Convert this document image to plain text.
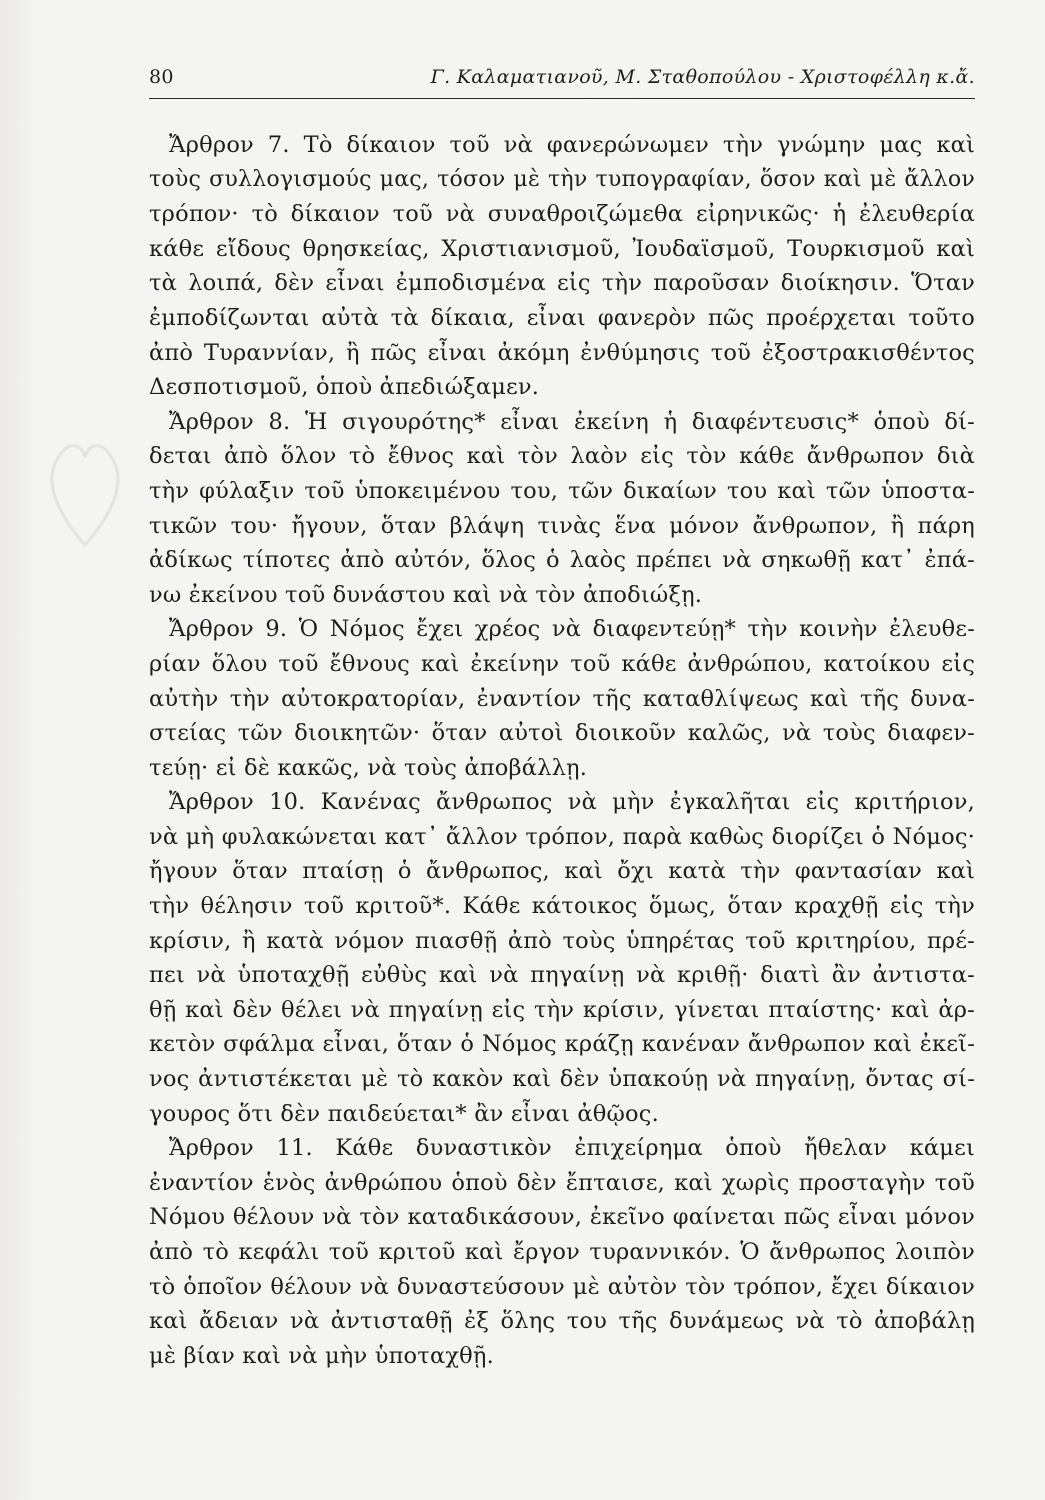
80	Γ. Καλαματιανοῦ, Μ. Σταθοπούλου - Χριστοφέλλη κ.ἄ.
Ἄρθρον 7. Τὸ δίκαιον τοῦ νὰ φανερώνωμεν τὴν γνώμην μας καὶ
τοὺς συλλογισμούς μας, τόσον μὲ τὴν τυπογραφίαν, ὅσον καὶ μὲ ἄλλον
τρόπον· τὸ δίκαιον τοῦ νὰ συναθροιζώμεθα εἰρηνικῶς· ἡ ἐλευθερία
κάθε εἴδους θρησκείας, Χριστιανισμοῦ, Ἰουδαϊσμοῦ, Τουρκισμοῦ καὶ
τὰ λοιπά, δὲν εἶναι ἐμποδισμένα εἰς τὴν παροῦσαν διοίκησιν. Ὅταν
ἐμποδίζωνται αὐτὰ τὰ δίκαια, εἶναι φανερὸν πῶς προέρχεται τοῦτο
ἀπὸ Τυραννίαν, ἢ πῶς εἶναι ἀκόμη ἐνθύμησις τοῦ ἐξοστρακισθέντος
Δεσποτισμοῦ, ὁποὺ ἀπεδιώξαμεν.
Ἄρθρον 8. Ἡ σιγουρότης* εἶναι ἐκείνη ἡ διαφέντευσις* ὁποὺ δί-
δεται ἀπὸ ὅλον τὸ ἔθνος καὶ τὸν λαὸν εἰς τὸν κάθε ἄνθρωπον διὰ
τὴν φύλαξιν τοῦ ὑποκειμένου του, τῶν δικαίων του καὶ τῶν ὑποστα-
τικῶν του· ἤγουν, ὅταν βλάψη τινὰς ἕνα μόνον ἄνθρωπον, ἢ πάρη
ἀδίκως τίποτες ἀπὸ αὐτόν, ὅλος ὁ λαὸς πρέπει νὰ σηκωθῇ κατ᾽ ἐπά-
νω ἐκείνου τοῦ δυνάστου καὶ νὰ τὸν ἀποδιώξῃ.
Ἄρθρον 9. Ὁ Νόμος ἔχει χρέος νὰ διαφεντεύῃ* τὴν κοινὴν ἐλευθε-
ρίαν ὅλου τοῦ ἔθνους καὶ ἐκείνην τοῦ κάθε ἀνθρώπου, κατοίκου εἰς
αὐτὴν τὴν αὐτοκρατορίαν, ἐναντίον τῆς καταθλίψεως καὶ τῆς δυνα-
στείας τῶν διοικητῶν· ὅταν αὐτοὶ διοικοῦν καλῶς, νὰ τοὺς διαφεν-
τεύῃ· εἰ δὲ κακῶς, νὰ τοὺς ἀποβάλλῃ.
Ἄρθρον 10. Κανένας ἄνθρωπος νὰ μὴν ἐγκαλῆται εἰς κριτήριον,
νὰ μὴ φυλακώνεται κατ᾽ ἄλλον τρόπον, παρὰ καθὼς διορίζει ὁ Νόμος·
ἤγουν ὅταν πταίσῃ ὁ ἄνθρωπος, καὶ ὄχι κατὰ τὴν φαντασίαν καὶ
τὴν θέλησιν τοῦ κριτοῦ*. Κάθε κάτοικος ὅμως, ὅταν κραχθῇ εἰς τὴν
κρίσιν, ἢ κατὰ νόμον πιασθῇ ἀπὸ τοὺς ὑπηρέτας τοῦ κριτηρίου, πρέ-
πει νὰ ὑποταχθῇ εὐθὺς καὶ νὰ πηγαίνῃ νὰ κριθῇ· διατὶ ἂν ἀντιστα-
θῇ καὶ δὲν θέλει νὰ πηγαίνῃ εἰς τὴν κρίσιν, γίνεται πταίστης· καὶ ἀρ-
κετὸν σφάλμα εἶναι, ὅταν ὁ Νόμος κράζῃ κανέναν ἄνθρωπον καὶ ἐκεῖ-
νος ἀντιστέκεται μὲ τὸ κακὸν καὶ δὲν ὑπακούῃ νὰ πηγαίνῃ, ὄντας σί-
γουρος ὅτι δὲν παιδεύεται* ἂν εἶναι ἀθῷος.
Ἄρθρον 11. Κάθε δυναστικὸν ἐπιχείρημα ὁποὺ ἤθελαν κάμει
ἐναντίον ἑνὸς ἀνθρώπου ὁποὺ δὲν ἔπταισε, καὶ χωρὶς προσταγὴν τοῦ
Νόμου θέλουν νὰ τὸν καταδικάσουν, ἐκεῖνο φαίνεται πῶς εἶναι μόνον
ἀπὸ τὸ κεφάλι τοῦ κριτοῦ καὶ ἔργον τυραννικόν. Ὁ ἄνθρωπος λοιπὸν
τὸ ὁποῖον θέλουν νὰ δυναστεύσουν μὲ αὐτὸν τὸν τρόπον, ἔχει δίκαιον
καὶ ἄδειαν νὰ ἀντισταθῇ ἐξ ὅλης του τῆς δυνάμεως νὰ τὸ ἀποβάλῃ
μὲ βίαν καὶ νὰ μὴν ὑποταχθῇ.
